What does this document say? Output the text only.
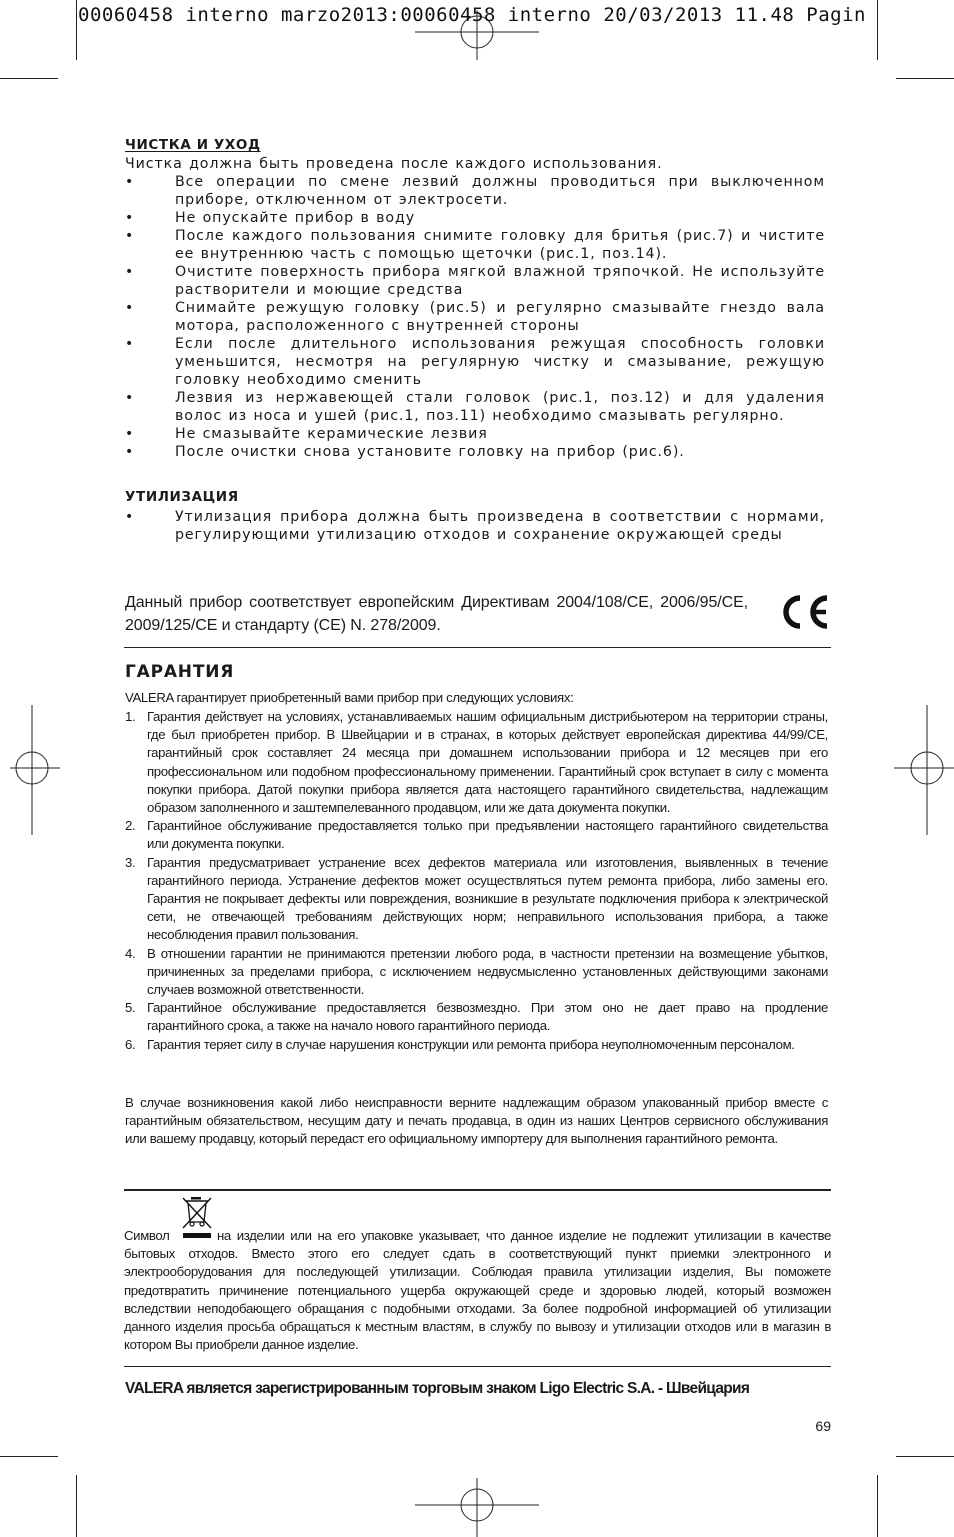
00060458 interno marzo2013:00060458 interno 20/03/2013 11.48 Pagin
ЧИСТКА И УХОД
Чистка должна быть проведена после каждого использования.
• Все операции по смене лезвий должны проводиться при выключенном приборе, отключенном от электросети.
• Не опускайте прибор в воду
• После каждого пользования снимите головку для бритья (рис.7) и чистите ее внутреннюю часть с помощью щеточки (рис.1, поз.14).
• Очистите поверхность прибора мягкой влажной тряпочкой. Не используйте растворители и моющие средства
• Снимайте режущую головку (рис.5) и регулярно смазывайте гнездо вала мотора, расположенного с внутренней стороны
• Если после длительного использования режущая способность головки уменьшится, несмотря на регулярную чистку и смазывание, режущую головку необходимо сменить
• Лезвия из нержавеющей стали головок (рис.1, поз.12) и для удаления волос из носа и ушей (рис.1, поз.11) необходимо смазывать регулярно.
• Не смазывайте керамические лезвия
• После очистки снова установите головку на прибор (рис.6).
УТИЛИЗАЦИЯ
• Утилизация прибора должна быть произведена в соответствии с нормами, регулирующими утилизацию отходов и сохранение окружающей среды
Данный прибор соответствует европейским Директивам 2004/108/CE, 2006/95/CE, 2009/125/CE и стандарту (CE) N. 278/2009.
ГАРАНТИЯ
VALERA гарантирует приобретенный вами прибор при следующих условиях:
1. Гарантия действует на условиях, устанавливаемых нашим официальным дистрибьютером на территории страны, где был приобретен прибор. В Швейцарии и в странах, в которых действует европейская директива 44/99/CE, гарантийный срок составляет 24 месяца при домашнем использовании прибора и 12 месяцев при его профессиональном или подобном профессиональному применении. Гарантийный срок вступает в силу с момента покупки прибора. Датой покупки прибора является дата настоящего гарантийного свидетельства, надлежащим образом заполненного и заштемпелеванного продавцом, или же дата документа покупки.
2. Гарантийное обслуживание предоставляется только при предъявлении настоящего гарантийного свидетельства или документа покупки.
3. Гарантия предусматривает устранение всех дефектов материала или изготовления, выявленных в течение гарантийного периода. Устранение дефектов может осуществляться путем ремонта прибора, либо замены его. Гарантия не покрывает дефекты или повреждения, возникшие в результате подключения прибора к электрической сети, не отвечающей требованиям действующих норм; неправильного использования прибора, а также несоблюдения правил пользования.
4. В отношении гарантии не принимаются претензии любого рода, в частности претензии на возмещение убытков, причиненных за пределами прибора, с исключением недвусмысленно установленных действующими законами случаев возможной ответственности.
5. Гарантийное обслуживание предоставляется безвозмездно. При этом оно не дает право на продление гарантийного срока, а также на начало нового гарантийного периода.
6. Гарантия теряет силу в случае нарушения конструкции или ремонта прибора неуполномоченным персоналом.
В случае возникновения какой либо неисправности верните надлежащим образом упакованный прибор вместе с гарантийным обязательством, несущим дату и печать продавца, в один из наших Центров сервисного обслуживания или вашему продавцу, который передаст его официальному импортеру для выполнения гарантийного ремонта.
на изделии или на его упаковке указывает, что данное изделие не подлежит утилизации в качестве бытовых отходов. Вместо этого его следует сдать в соответствующий пункт приемки электронного и электрооборудования для последующей утилизации. Соблюдая правила утилизации изделия, Вы поможете предотвратить причинение потенциального ущерба окружающей среде и здоровью людей, который возможен вследствии неподобающего обращания с подобными отходами. За более подробной информацией об утилизации данного изделия просьба обращаться к местным властям, в службу по вывозу и утилизации отходов или в магазин в котором Вы приобрели данное изделие.
Символ
VALERA является зарегистрированным торговым знаком Ligo Electric S.A. - Швейцария
69
